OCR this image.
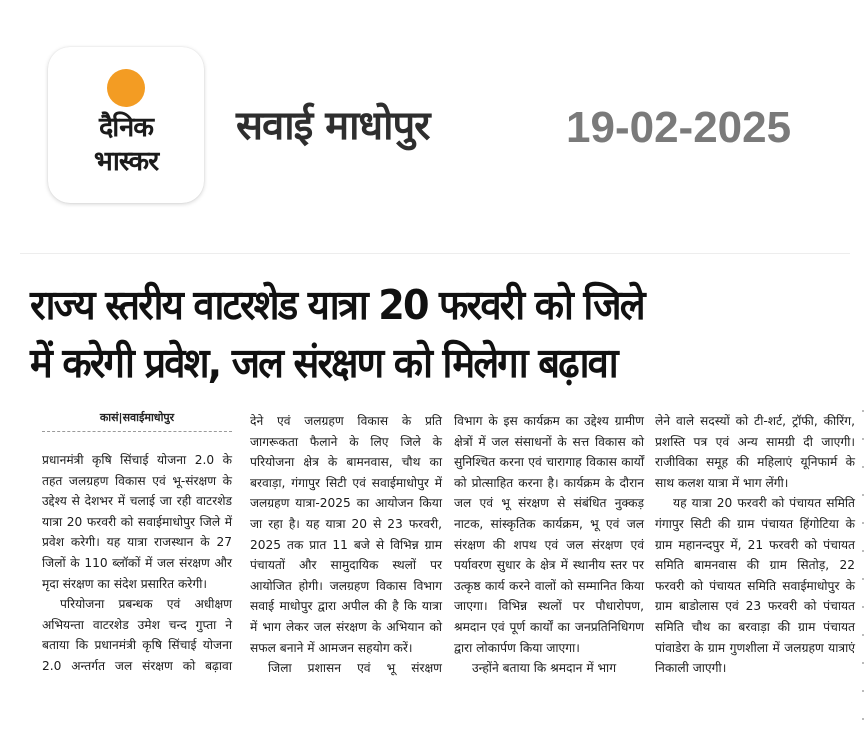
दैनिक
भास्कर
सवाई माधोपुर	19-02-2025
राज्य स्तरीय वाटरशेड यात्रा 20 फरवरी को जिले
में करेगी प्रवेश, जल संरक्षण को मिलेगा बढ़ावा
कासं|सवाईमाधोपुर

प्रधानमंत्री कृषि सिंचाई योजना 2.0 के तहत जलग्रहण विकास एवं भू-संरक्षण के उद्देश्य से देशभर में चलाई जा रही वाटरशेड यात्रा 20 फरवरी को सवाईमाधोपुर जिले में प्रवेश करेगी। यह यात्रा राजस्थान के 27 जिलों के 110 ब्लॉकों में जल संरक्षण और मृदा संरक्षण का संदेश प्रसारित करेगी।

परियोजना प्रबन्धक एवं अधीक्षण अभियन्ता वाटरशेड उमेश चन्द गुप्ता ने बताया कि प्रधानमंत्री कृषि सिंचाई योजना 2.0 अन्तर्गत जल संरक्षण को बढ़ावा

देने एवं जलग्रहण विकास के प्रति जागरूकता फैलाने के लिए जिले के परियोजना क्षेत्र के बामनवास, चौथ का बरवाड़ा, गंगापुर सिटी एवं सवाईमाधोपुर में जलग्रहण यात्रा-2025 का आयोजन किया जा रहा है। यह यात्रा 20 से 23 फरवरी, 2025 तक प्रात 11 बजे से विभिन्न ग्राम पंचायतों और सामुदायिक स्थलों पर आयोजित होगी। जलग्रहण विकास विभाग सवाई माधोपुर द्वारा अपील की है कि यात्रा में भाग लेकर जल संरक्षण के अभियान को सफल बनाने में आमजन सहयोग करें।

जिला प्रशासन एवं भू संरक्षण

विभाग के इस कार्यक्रम का उद्देश्य ग्रामीण क्षेत्रों में जल संसाधनों के सत्त विकास को सुनिश्चित करना एवं चारागाह विकास कार्यों को प्रोत्साहित करना है। कार्यक्रम के दौरान जल एवं भू संरक्षण से संबंधित नुक्कड़ नाटक, सांस्कृतिक कार्यक्रम, भू एवं जल संरक्षण की शपथ एवं जल संरक्षण एवं पर्यावरण सुधार के क्षेत्र में स्थानीय स्तर पर उत्कृष्ठ कार्य करने वालों को सम्मानित किया जाएगा। विभिन्न स्थलों पर पौधारोपण, श्रमदान एवं पूर्ण कार्यों का जनप्रतिनिधिगण द्वारा लोकार्पण किया जाएगा।

उन्होंने बताया कि श्रमदान में भाग

लेने वाले सदस्यों को टी-शर्ट, ट्रॉफी, कीरिंग, प्रशस्ति पत्र एवं अन्य सामग्री दी जाएगी। राजीविका समूह की महिलाएं यूनिफार्म के साथ कलश यात्रा में भाग लेंगी।

यह यात्रा 20 फरवरी को पंचायत समिति गंगापुर सिटी की ग्राम पंचायत हिंगोटिया के ग्राम महानन्दपुर में, 21 फरवरी को पंचायत समिति बामनवास की ग्राम सितोड़, 22 फरवरी को पंचायत समिति सवाईमाधोपुर के ग्राम बाडोलास एवं 23 फरवरी को पंचायत समिति चौथ का बरवाड़ा की ग्राम पंचायत पांवाडेरा के ग्राम गुणशीला में जलग्रहण यात्राएं निकाली जाएगी।
